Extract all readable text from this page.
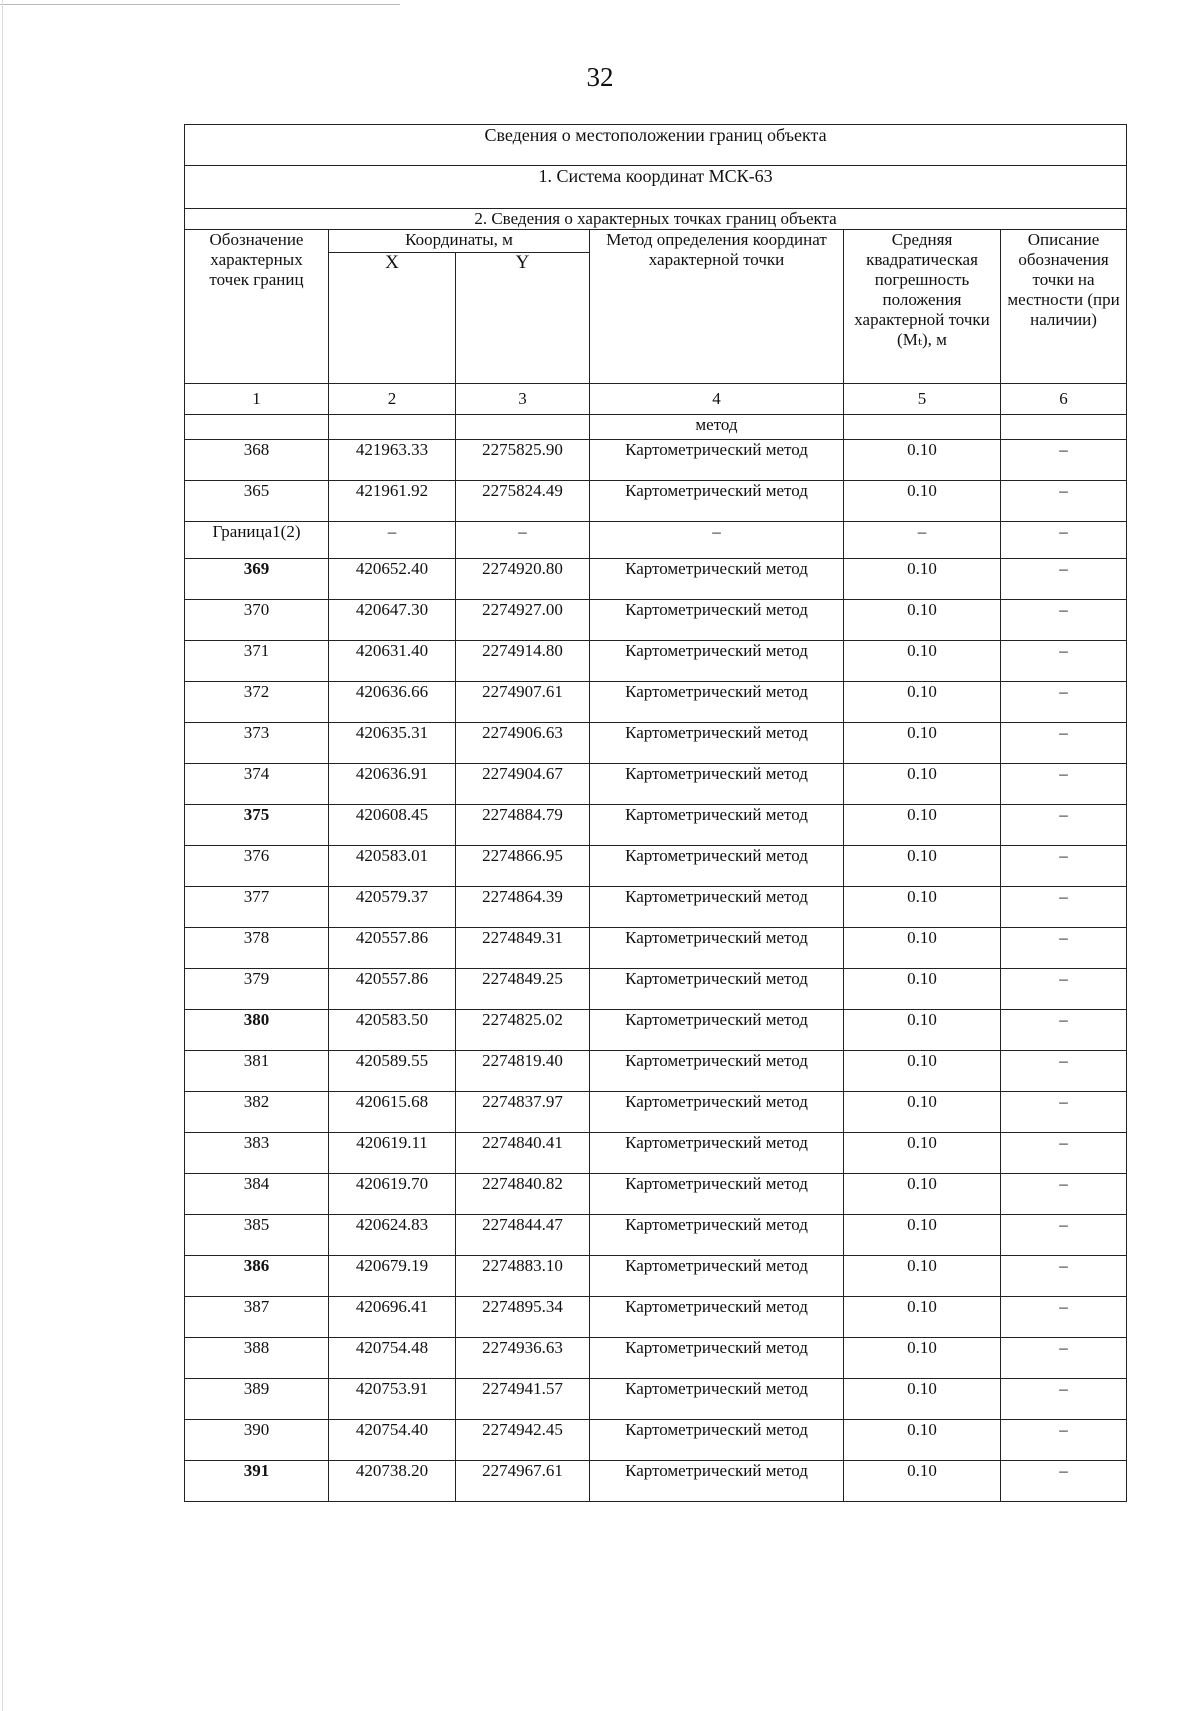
32
Сведения о местоположении границ объекта					
1. Система координат МСК-63					
2. Сведения о характерных точках границ объекта					
Обозначение характерных точек границ	Координаты, м		Метод определения координат характерной точки	Средняя квадратическая погрешность положения характерной точки (Mₜ), м	Описание обозначения точки на местности (при наличии)
	X	Y			
1	2	3	4	5	6
			метод		
368	421963.33	2275825.90	Картометрический метод	0.10	–
365	421961.92	2275824.49	Картометрический метод	0.10	–
Граница1(2)	–	–	–	–	–
369	420652.40	2274920.80	Картометрический метод	0.10	–
370	420647.30	2274927.00	Картометрический метод	0.10	–
371	420631.40	2274914.80	Картометрический метод	0.10	–
372	420636.66	2274907.61	Картометрический метод	0.10	–
373	420635.31	2274906.63	Картометрический метод	0.10	–
374	420636.91	2274904.67	Картометрический метод	0.10	–
375	420608.45	2274884.79	Картометрический метод	0.10	–
376	420583.01	2274866.95	Картометрический метод	0.10	–
377	420579.37	2274864.39	Картометрический метод	0.10	–
378	420557.86	2274849.31	Картометрический метод	0.10	–
379	420557.86	2274849.25	Картометрический метод	0.10	–
380	420583.50	2274825.02	Картометрический метод	0.10	–
381	420589.55	2274819.40	Картометрический метод	0.10	–
382	420615.68	2274837.97	Картометрический метод	0.10	–
383	420619.11	2274840.41	Картометрический метод	0.10	–
384	420619.70	2274840.82	Картометрический метод	0.10	–
385	420624.83	2274844.47	Картометрический метод	0.10	–
386	420679.19	2274883.10	Картометрический метод	0.10	–
387	420696.41	2274895.34	Картометрический метод	0.10	–
388	420754.48	2274936.63	Картометрический метод	0.10	–
389	420753.91	2274941.57	Картометрический метод	0.10	–
390	420754.40	2274942.45	Картометрический метод	0.10	–
391	420738.20	2274967.61	Картометрический метод	0.10	–
